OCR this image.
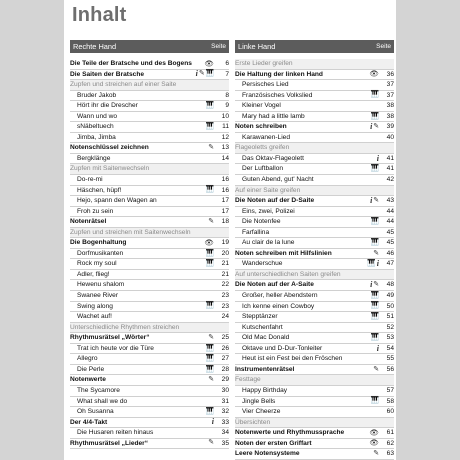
Inhalt
Rechte Hand	Seite
Die Teile der Bratsche und des Bogens	👁	6
Die Saiten der Bratsche	i ✎ 🎹	7
Zupfen und streichen auf einer Saite
Bruder Jakob	8
Hört ihr die Drescher	🎹	9
Wann und wo	10
sNäbeltuech	🎹	11
Jimba, Jimba	12
Notenschlüssel zeichnen	✎	13
Bergklänge	14
Zupfen mit Saitenwechseln
Do-re-mi	16
Häschen, hüpf!	🎹	16
Hejo, spann den Wagen an	17
Froh zu sein	17
Notenrätsel	✎	18
Zupfen und streichen mit Saitenwechseln
Die Bogenhaltung	👁	19
Dorfmusikanten	🎹	20
Rock my soul	🎹	21
Adler, flieg!	21
Hewenu shalom	22
Swanee River	23
Swing along	🎹	23
Wachet auf!	24
Unterschiedliche Rhythmen streichen
Rhythmusrätsel „Wörter“	✎	25
Trat ich heute vor die Türe	🎹	26
Allegro	🎹	27
Die Perle	🎹	28
Notenwerte	✎	29
The Sycamore	30
What shall we do	31
Oh Susanna	🎹	32
Der 4/4-Takt	i	33
Die Husaren reiten hinaus	34
Rhythmusrätsel „Lieder“	✎	35
Linke Hand	Seite
Erste Lieder greifen
Die Haltung der linken Hand	👁	36
Persisches Lied	37
Französisches Volkslied	🎹	37
Kleiner Vogel	38
Mary had a little lamb	🎹	38
Noten schreiben	i ✎	39
Karawanen-Lied	40
Flageoletts greifen
Das Oktav-Flageolett	i	41
Der Luftballon	🎹	41
Guten Abend, gut' Nacht	42
Auf einer Saite greifen
Die Noten auf der D-Saite	i ✎	43
Eins, zwei, Polizei	44
Die Notenfee	🎹	44
Farfallina	45
Au clair de la lune	🎹	45
Noten schreiben mit Hilfslinien	✎	46
Wanderschue	🎹 i	47
Auf unterschiedlichen Saiten greifen
Die Noten auf der A-Saite	i ✎	48
Großer, heller Abendstern	🎹	49
Ich kenne einen Cowboy	🎹	50
Stepptänzer	🎹	51
Kutschenfahrt	52
Old Mac Donald	🎹	53
Oktave und D-Dur-Tonleiter	i	54
Heut ist ein Fest bei den Fröschen	55
Instrumentenrätsel	✎	56
Festtage
Happy Birthday	57
Jingle Bells	🎹	58
Vier Cheerze	60
Übersichten
Notenwerte und Rhythmussprache	👁	61
Noten der ersten Griffart	👁	62
Leere Notensysteme	✎	63
